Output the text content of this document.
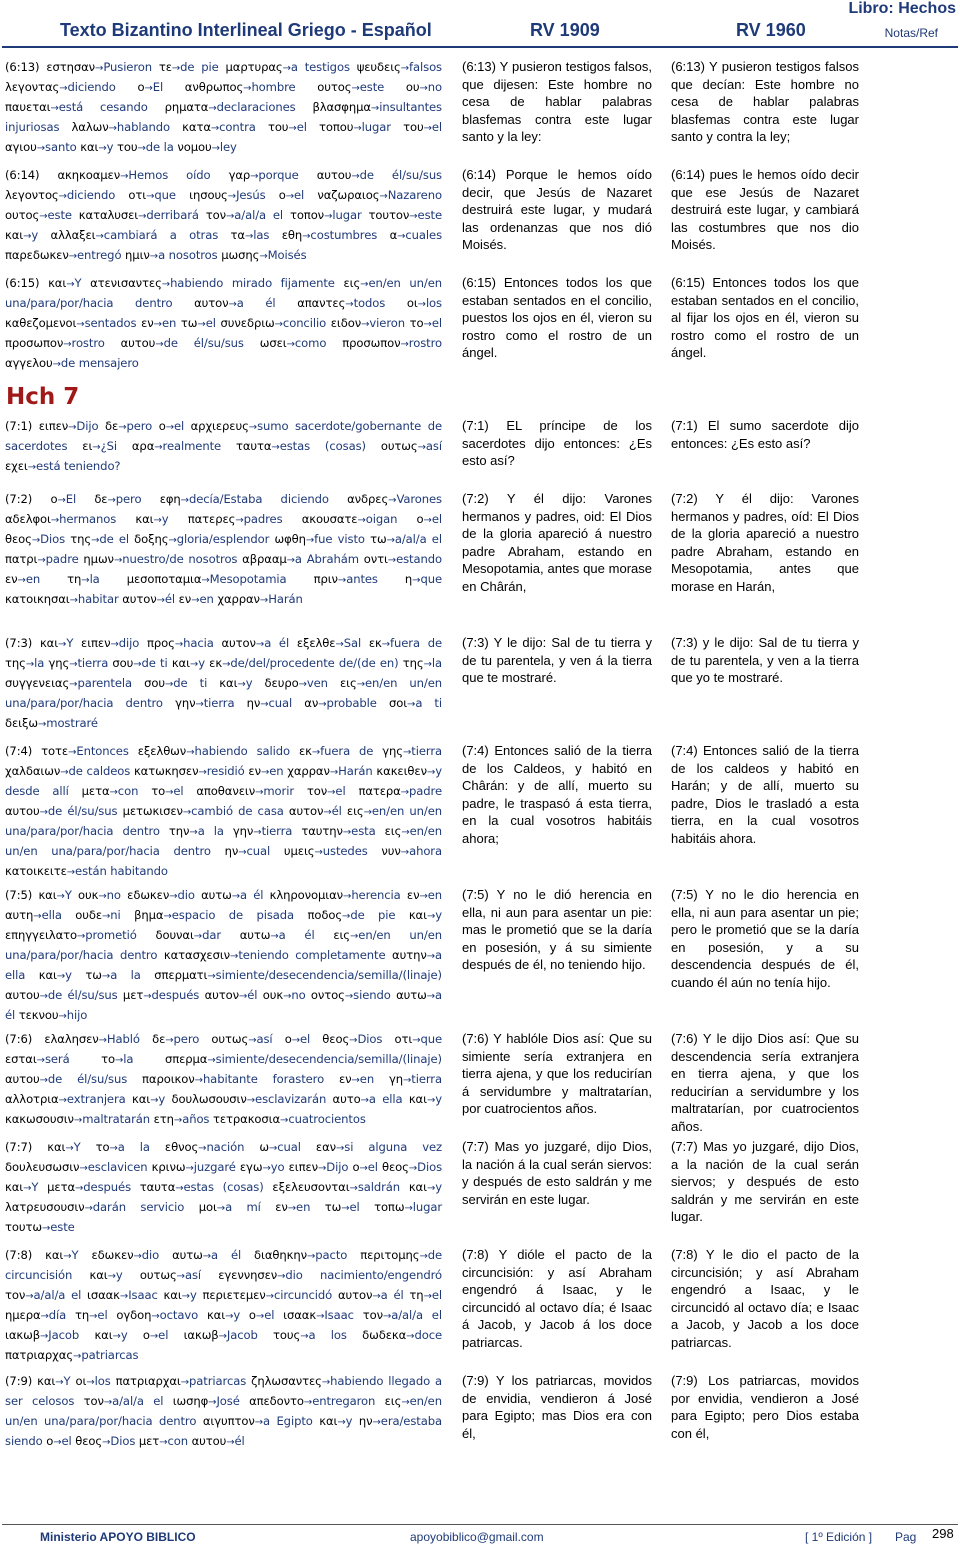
Texto Bizantino Interlineal Griego - Español	RV 1909	RV 1960
Libro: Hechos
Notas/Ref
(6:13) εστησαν→Pusieron τε→de pie μαρτυρας→a testigos ψευδεις→falsos λεγοντας→diciendo ο→El ανθρωπος→hombre ουτος→este ου→no παυεται→está cesando ρηματα→declaraciones βλασφημα→insultantes injuriosas λαλων→hablando κατα→contra του→el τοπου→lugar του→el αγιου→santo και→y του→de la νομου→ley
(6:13) Y pusieron testigos falsos, que dijesen: Este hombre no cesa de hablar palabras blasfemas contra este lugar santo y la ley:
(6:13) Y pusieron testigos falsos que decían: Este hombre no cesa de hablar palabras blasfemas contra este lugar santo y contra la ley;
(6:14) ακηκοαμεν→Hemos oído γαρ→porque αυτου→de él/su/sus λεγοντος→diciendo οτι→que ιησους→Jesús ο→el ναζωραιος→Nazareno ουτος→este καταλυσει→derribará τον→a/al/a el τοπον→lugar τουτον→este και→y αλλαξει→cambiará a otras τα→las εθη→costumbres α→cuales παρεδωκεν→entregó ημιν→a nosotros μωσης→Moisés
(6:14) Porque le hemos oído decir, que Jesús de Nazaret destruirá este lugar, y mudará las ordenanzas que nos dió Moisés.
(6:14) pues le hemos oído decir que ese Jesús de Nazaret destruirá este lugar, y cambiará las costumbres que nos dio Moisés.
(6:15) και→Y ατενισαντες→habiendo mirado fijamente εις→en/en un/en una/para/por/hacia dentro αυτον→a él απαντες→todos οι→los καθεζομενοι→sentados εν→en τω→el συνεδριω→concilio ειδον→vieron το→el προσωπον→rostro αυτου→de él/su/sus ωσει→como προσωπον→rostro αγγελου→de mensajero
(6:15) Entonces todos los que estaban sentados en el concilio, puestos los ojos en él, vieron su rostro como el rostro de un ángel.
(6:15) Entonces todos los que estaban sentados en el concilio, al fijar los ojos en él, vieron su rostro como el rostro de un ángel.
Hch 7
(7:1) ειπεν→Dijo δε→pero ο→el αρχιερευς→sumo sacerdote/gobernante de sacerdotes ει→¿Si αρα→realmente ταυτα→estas (cosas) ουτως→así εχει→está teniendo?
(7:1) EL príncipe de los sacerdotes dijo entonces: ¿Es esto así?
(7:1) El sumo sacerdote dijo entonces: ¿Es esto así?
(7:2) ο→El δε→pero εφη→decía/Estaba diciendo ανδρες→Varones αδελφοι→hermanos και→y πατερες→padres ακουσατε→oigan ο→el θεος→Dios της→de el δοξης→gloria/esplendor ωφθη→fue visto τω→a/al/a el πατρι→padre ημων→nuestro/de nosotros αβρααμ→a Abrahám οντι→estando εν→en τη→la μεσοποταμια→Mesopotamia πριν→antes η→que κατοικησαι→habitar αυτον→él εν→en χαρραν→Harán
(7:2) Y él dijo: Varones hermanos y padres, oid: El Dios de la gloria apareció á nuestro padre Abraham, estando en Mesopotamia, antes que morase en Chârán,
(7:2) Y él dijo: Varones hermanos y padres, oíd: El Dios de la gloria apareció a nuestro padre Abraham, estando en Mesopotamia, antes que morase en Harán,
(7:3) και→Y ειπεν→dijo προς→hacia αυτον→a él εξελθε→Sal εκ→fuera de της→la γης→tierra σου→de ti και→y εκ→de/del/procedente de/(de en) της→la συγγενειας→parentela σου→de ti και→y δευρο→ven εις→en/en un/en una/para/por/hacia dentro γην→tierra ην→cual αν→probable σοι→a ti δειξω→mostraré
(7:3) Y le dijo: Sal de tu tierra y de tu parentela, y ven á la tierra que te mostraré.
(7:3) y le dijo: Sal de tu tierra y de tu parentela, y ven a la tierra que yo te mostraré.
(7:4) τοτε→Entonces εξελθων→habiendo salido εκ→fuera de γης→tierra χαλδαιων→de caldeos κατωκησεν→residió εν→en χαρραν→Harán κακειθεν→y desde allí μετα→con το→el αποθανειν→morir τον→el πατερα→padre αυτου→de él/su/sus μετωκισεν→cambió de casa αυτον→él εις→en/en un/en una/para/por/hacia dentro την→a la γην→tierra ταυτην→esta εις→en/en un/en una/para/por/hacia dentro ην→cual υμεις→ustedes νυν→ahora κατοικειτε→están habitando
(7:4) Entonces salió de la tierra de los Caldeos, y habitó en Chârán: y de allí, muerto su padre, le traspasó á esta tierra, en la cual vosotros habitáis ahora;
(7:4) Entonces salió de la tierra de los caldeos y habitó en Harán; y de allí, muerto su padre, Dios le trasladó a esta tierra, en la cual vosotros habitáis ahora.
(7:5) και→Y ουκ→no εδωκεν→dio αυτω→a él κληρονομιαν→herencia εν→en αυτη→ella ουδε→ni βημα→espacio de pisada ποδος→de pie και→y επηγγειλατο→prometió δουναι→dar αυτω→a él εις→en/en un/en una/para/por/hacia dentro κατασχεσιν→teniendo completamente αυτην→a ella και→y τω→a la σπερματι→simiente/desecendencia/semilla/(linaje) αυτου→de él/su/sus μετ→después αυτον→él ουκ→no οντος→siendo αυτω→a él τεκνου→hijo
(7:5) Y no le dió herencia en ella, ni aun para asentar un pie: mas le prometió que se la daría en posesión, y á su simiente después de él, no teniendo hijo.
(7:5) Y no le dio herencia en ella, ni aun para asentar un pie; pero le prometió que se la daría en posesión, y a su descendencia después de él, cuando él aún no tenía hijo.
(7:6) ελαλησεν→Habló δε→pero ουτως→así ο→el θεος→Dios οτι→que εσται→será	το→la	σπερμα→simiente/desecendencia/semilla/(linaje) αυτου→de él/su/sus παροικον→habitante forastero εν→en γη→tierra αλλοτρια→extranjera και→y δουλωσουσιν→esclavizarán αυτο→a ella και→y κακωσουσιν→maltratarán ετη→años τετρακοσια→cuatrocientos
(7:6) Y hablóle Dios así: Que su simiente sería extranjera en tierra ajena, y que los reducirían á servidumbre y maltratarían, por cuatrocientos años.
(7:6) Y le dijo Dios así: Que su descendencia sería extranjera en tierra ajena, y que los reducirían a servidumbre y los maltratarían, por cuatrocientos años.
(7:7) και→Y το→a la εθνος→nación ω→cual εαν→si alguna vez δουλευσωσιν→esclavicen κρινω→juzgaré εγω→yo ειπεν→Dijo ο→el θεος→Dios και→Y μετα→después ταυτα→estas (cosas) εξελευσονται→saldrán και→y λατρευσουσιν→darán servicio μοι→a mí εν→en τω→el τοπω→lugar τουτω→este
(7:7) Mas yo juzgaré, dijo Dios, la nación á la cual serán siervos: y después de esto saldrán y me servirán en este lugar.
(7:7) Mas yo juzgaré, dijo Dios, a la nación de la cual serán siervos; y después de esto saldrán y me servirán en este lugar.
(7:8) και→Y εδωκεν→dio αυτω→a él διαθηκην→pacto περιτομης→de circuncisión και→y ουτως→así εγεννησεν→dio nacimiento/engendró τον→a/al/a el ισαακ→Isaac και→y περιετεμεν→circuncidó αυτον→a él τη→el ημερα→día τη→el ογδοη→octavo και→y ο→el ισαακ→Isaac τον→a/al/a el ιακωβ→Jacob και→y ο→el ιακωβ→Jacob τους→a los δωδεκα→doce πατριαρχας→patriarcas
(7:8) Y dióle el pacto de la circuncisión: y así Abraham engendró á Isaac, y le circuncidó al octavo día; é Isaac á Jacob, y Jacob á los doce patriarcas.
(7:8) Y le dio el pacto de la circuncisión; y así Abraham engendró a Isaac, y le circuncidó al octavo día; e Isaac a Jacob, y Jacob a los doce patriarcas.
(7:9) και→Y οι→los πατριαρχαι→patriarcas ζηλωσαντες→habiendo llegado a ser celosos τον→a/al/a el ιωσηφ→José απεδοντο→entregaron εις→en/en un/en una/para/por/hacia dentro αιγυπτον→a Egipto και→y ην→era/estaba siendo ο→el θεος→Dios μετ→con αυτου→él
(7:9) Y los patriarcas, movidos de envidia, vendieron á José para Egipto; mas Dios era con él,
(7:9) Los patriarcas, movidos por envidia, vendieron a José para Egipto; pero Dios estaba con él,
Ministerio APOYO BIBLICO	apoyobiblico@gmail.com	[ 1º Edición ] Pag 298
